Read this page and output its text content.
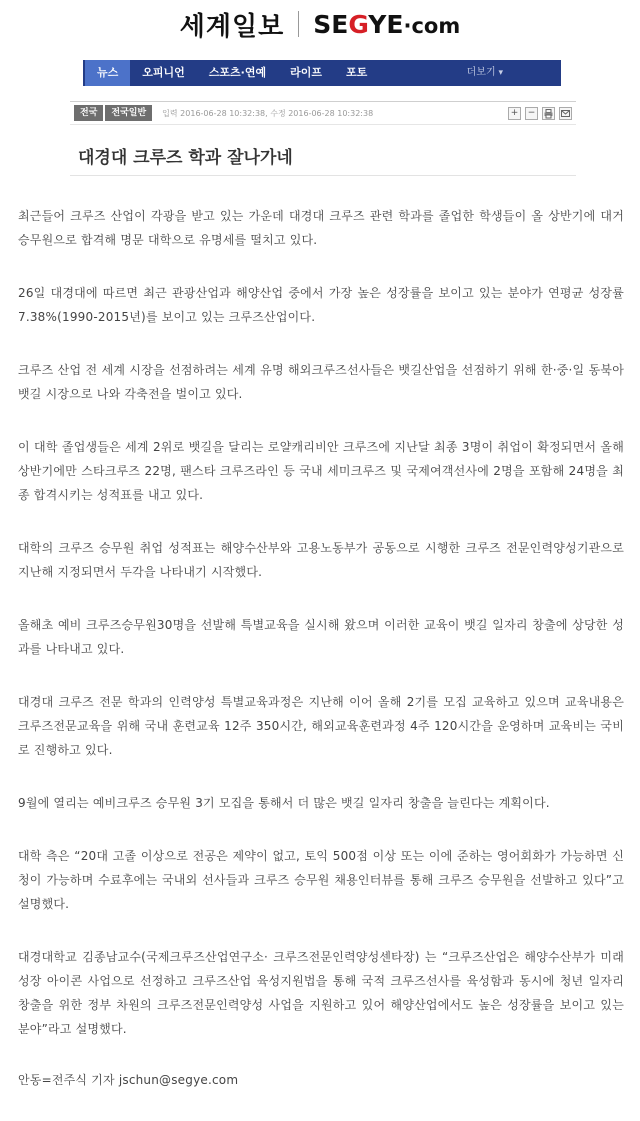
세계일보 SEGYE·com
뉴스	오피니언	스포츠·연예	라이프	포토	더보기 ▾
전국	전국일반	입력 2016-06-28 10:32:38, 수정 2016-06-28 10:32:38	+	−
대경대 크루즈 학과 잘나가네

최근들어 크루즈 산업이 각광을 받고 있는 가운데 대경대 크루즈 관련 학과를 졸업한 학생들이 올 상반기에 대거 승무원으로 합격해 명문 대학으로 유명세를 떨치고 있다.

26일 대경대에 따르면 최근 관광산업과 해양산업 중에서 가장 높은 성장률을 보이고 있는 분야가 연평균 성장률 7.38%(1990-2015년)를 보이고 있는 크루즈산업이다.

크루즈 산업 전 세계 시장을 선점하려는 세계 유명 해외크루즈선사들은 뱃길산업을 선점하기 위해 한·중·일 동북아 뱃길 시장으로 나와 각축전을 벌이고 있다.

이 대학 졸업생들은 세계 2위로 뱃길을 달리는 로얄캐리비안 크루즈에 지난달 최종 3명이 취업이 확정되면서 올해 상반기에만 스타크루즈 22명, 팬스타 크루즈라인 등 국내 세미크루즈 및 국제여객선사에 2명을 포함해 24명을 최종 합격시키는 성적표를 내고 있다.

대학의 크루즈 승무원 취업 성적표는 해양수산부와 고용노동부가 공동으로 시행한 크루즈 전문인력양성기관으로 지난해 지정되면서 두각을 나타내기 시작했다.

올해초 예비 크루즈승무원30명을 선발해 특별교육을 실시해 왔으며 이러한 교육이 뱃길 일자리 창출에 상당한 성과를 나타내고 있다.

대경대 크루즈 전문 학과의 인력양성 특별교육과정은 지난해 이어 올해 2기를 모집 교육하고 있으며 교육내용은 크루즈전문교육을 위해 국내 훈련교육 12주 350시간, 해외교육훈련과정 4주 120시간을 운영하며 교육비는 국비로 진행하고 있다.

9월에 열리는 예비크루즈 승무원 3기 모집을 통해서 더 많은 뱃길 일자리 창출을 늘린다는 계획이다.

대학 측은 “20대 고졸 이상으로 전공은 제약이 없고, 토익 500점 이상 또는 이에 준하는 영어회화가 가능하면 신청이 가능하며 수료후에는 국내외 선사들과 크루즈 승무원 채용인터뷰를 통해 크루즈 승무원을 선발하고 있다”고 설명했다.

대경대학교 김종남교수(국제크루즈산업연구소· 크루즈전문인력양성센타장) 는 “크루즈산업은 해양수산부가 미래 성장 아이콘 사업으로 선정하고 크루즈산업 육성지원법을 통해 국적 크루즈선사를 육성함과 동시에 청년 일자리 창출을 위한 정부 차원의 크루즈전문인력양성 사업을 지원하고 있어 해양산업에서도 높은 성장률을 보이고 있는 분야”라고 설명했다.

안동=전주식 기자 jschun@segye.com
